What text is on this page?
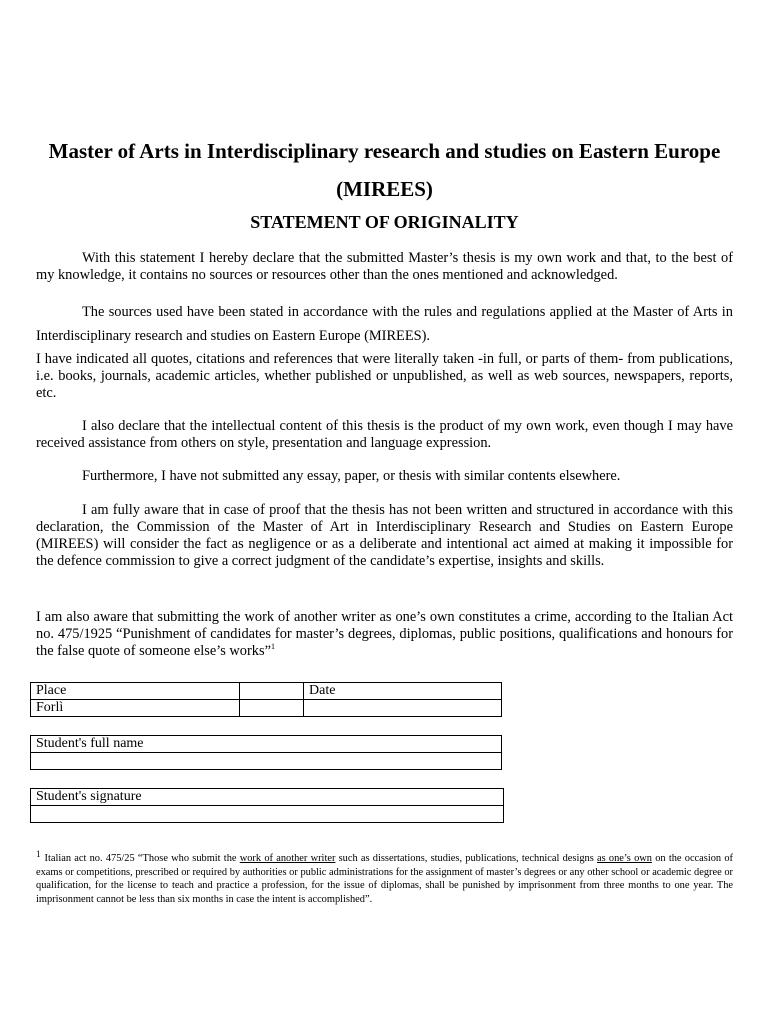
Master of Arts in Interdisciplinary research and studies on Eastern Europe (MIREES)
STATEMENT OF ORIGINALITY

With this statement I hereby declare that the submitted Master’s thesis is my own work and that, to the best of my knowledge, it contains no sources or resources other than the ones mentioned and acknowledged.

The sources used have been stated in accordance with the rules and regulations applied at the Master of Arts in Interdisciplinary research and studies on Eastern Europe (MIREES).

I have indicated all quotes, citations and references that were literally taken -in full, or parts of them- from publications, i.e. books, journals, academic articles, whether published or unpublished, as well as web sources, newspapers, reports, etc.

I also declare that the intellectual content of this thesis is the product of my own work, even though I may have received assistance from others on style, presentation and language expression.

Furthermore, I have not submitted any essay, paper, or thesis with similar contents elsewhere.

I am fully aware that in case of proof that the thesis has not been written and structured in accordance with this declaration, the Commission of the Master of Art in Interdisciplinary Research and Studies on Eastern Europe (MIREES) will consider the fact as negligence or as a deliberate and intentional act aimed at making it impossible for the defence commission to give a correct judgment of the candidate’s expertise, insights and skills.

I am also aware that submitting the work of another writer as one’s own constitutes a crime, according to the Italian Act no. 475/1925 “Punishment of candidates for master’s degrees, diplomas, public positions, qualifications and honours for the false quote of someone else’s works”$^1$

Place		Date
Forlì		
Student's full name

Student's signature

1 Italian act no. 475/25 “Those who submit the work of another writer such as dissertations, studies, publications, technical designs as one’s own on the occasion of exams or competitions, prescribed or required by authorities or public administrations for the assignment of master’s degrees or any other school or academic degree or qualification, for the license to teach and practice a profession, for the issue of diplomas, shall be punished by imprisonment from three months to one year. The imprisonment cannot be less than six months in case the intent is accomplished”.
